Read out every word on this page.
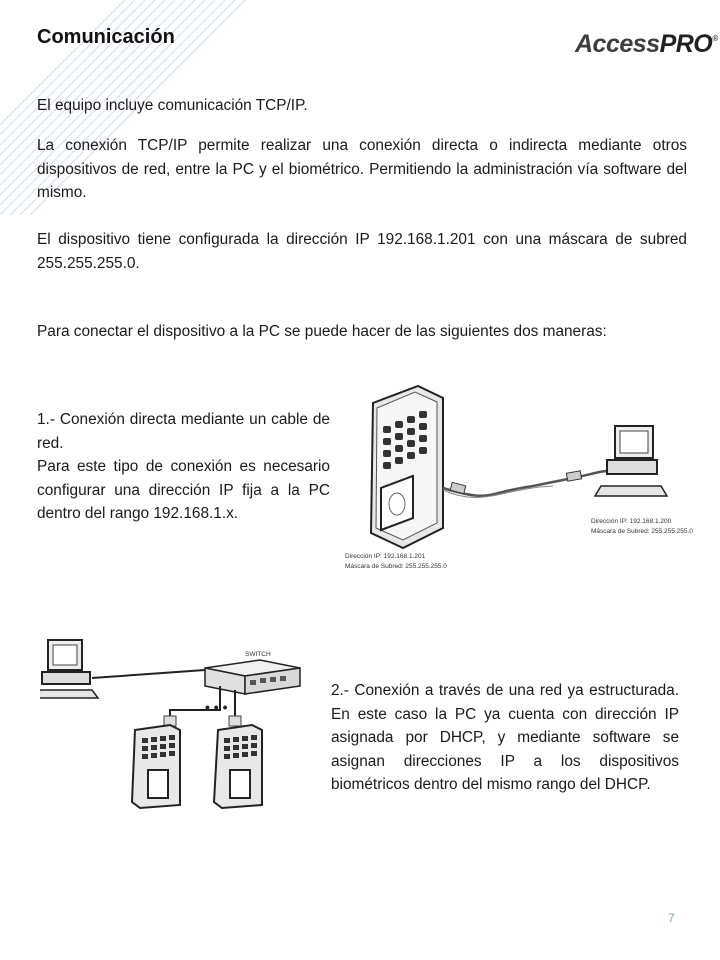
Comunicación	AccessPRO®
El equipo incluye comunicación TCP/IP.
La conexión TCP/IP permite realizar una conexión directa o indirecta mediante otros dispositivos de red, entre la PC y el biométrico. Permitiendo la administración vía software del mismo.
El dispositivo tiene configurada la dirección IP 192.168.1.201 con una máscara de subred 255.255.255.0.
Para conectar el dispositivo a la PC se puede hacer de las siguientes dos maneras:

1.- Conexión directa mediante un cable de red.

Para este tipo de conexión es necesario configurar una dirección IP fija a la PC dentro del rango 192.168.1.x.	Dirección IP: 192.168.1.200
Máscara de Subred: 255.255.255.0
Dirección IP: 192.168.1.201
Máscara de Subred: 255.255.255.0
SWITCH
• • •

2.- Conexión a través de una red ya estructurada. En este caso la PC ya cuenta con dirección IP asignada por DHCP, y mediante software se asignan direcciones IP a los dispositivos biométricos dentro del mismo rango del DHCP.

7
